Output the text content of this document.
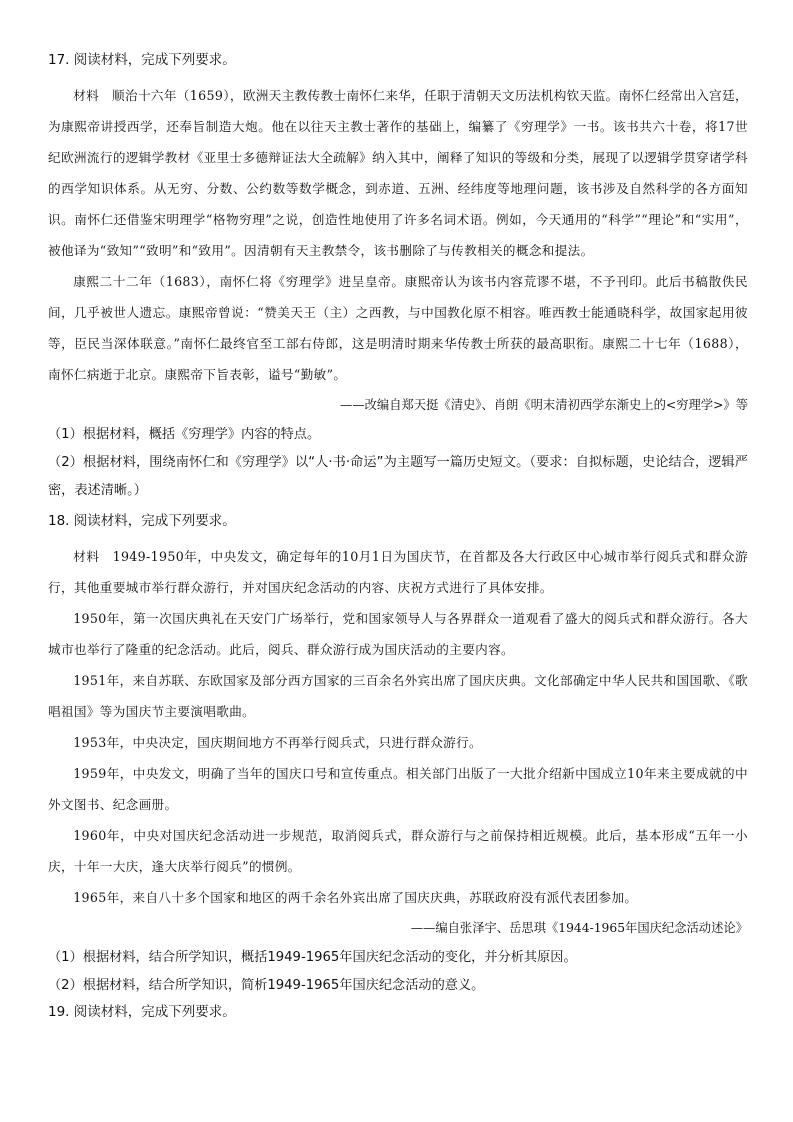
17. 阅读材料，完成下列要求。

材料　顺治十六年（1659），欧洲天主教传教士南怀仁来华，任职于清朝天文历法机构钦天监。南怀仁经常出入宫廷，为康熙帝讲授西学，还奉旨制造大炮。他在以往天主教士著作的基础上，编纂了《穷理学》一书。该书共六十卷，将17世纪欧洲流行的逻辑学教材《亚里士多德辩证法大全疏解》纳入其中，阐释了知识的等级和分类，展现了以逻辑学贯穿诸学科的西学知识体系。从无穷、分数、公约数等数学概念，到赤道、五洲、经纬度等地理问题，该书涉及自然科学的各方面知识。南怀仁还借鉴宋明理学“格物穷理”之说，创造性地使用了许多名词术语。例如，今天通用的“科学”“理论”和“实用”，被他译为“致知”“致明”和“致用”。因清朝有天主教禁令，该书删除了与传教相关的概念和提法。

康熙二十二年（1683），南怀仁将《穷理学》进呈皇帝。康熙帝认为该书内容荒谬不堪，不予刊印。此后书稿散佚民间，几乎被世人遗忘。康熙帝曾说：“赞美天王（主）之西教，与中国教化原不相容。唯西教士能通晓科学，故国家起用彼等，臣民当深体联意。”南怀仁最终官至工部右侍郎，这是明清时期来华传教士所获的最高职衔。康熙二十七年（1688），南怀仁病逝于北京。康熙帝下旨表彰，谥号“勤敏”。

——改编自郑天挺《清史》、肖朗《明末清初西学东渐史上的<穷理学>》等

（1）根据材料，概括《穷理学》内容的特点。

（2）根据材料，围绕南怀仁和《穷理学》以“人·书·命运”为主题写一篇历史短文。（要求：自拟标题，史论结合，逻辑严密，表述清晰。）

18. 阅读材料，完成下列要求。

材料　1949-1950年，中央发文，确定每年的10月1日为国庆节，在首都及各大行政区中心城市举行阅兵式和群众游行，其他重要城市举行群众游行，并对国庆纪念活动的内容、庆祝方式进行了具体安排。

1950年，第一次国庆典礼在天安门广场举行，党和国家领导人与各界群众一道观看了盛大的阅兵式和群众游行。各大城市也举行了隆重的纪念活动。此后，阅兵、群众游行成为国庆活动的主要内容。

1951年，来自苏联、东欧国家及部分西方国家的三百余名外宾出席了国庆庆典。文化部确定中华人民共和国国歌、《歌唱祖国》等为国庆节主要演唱歌曲。

1953年，中央决定，国庆期间地方不再举行阅兵式，只进行群众游行。

1959年，中央发文，明确了当年的国庆口号和宣传重点。相关部门出版了一大批介绍新中国成立10年来主要成就的中外文图书、纪念画册。

1960年，中央对国庆纪念活动进一步规范，取消阅兵式，群众游行与之前保持相近规模。此后，基本形成“五年一小庆，十年一大庆，逢大庆举行阅兵”的惯例。

1965年，来自八十多个国家和地区的两千余名外宾出席了国庆庆典，苏联政府没有派代表团参加。

——编自张泽宇、岳思琪《1944-1965年国庆纪念活动述论》

（1）根据材料，结合所学知识，概括1949-1965年国庆纪念活动的变化，并分析其原因。

（2）根据材料，结合所学知识，简析1949-1965年国庆纪念活动的意义。

19. 阅读材料，完成下列要求。
